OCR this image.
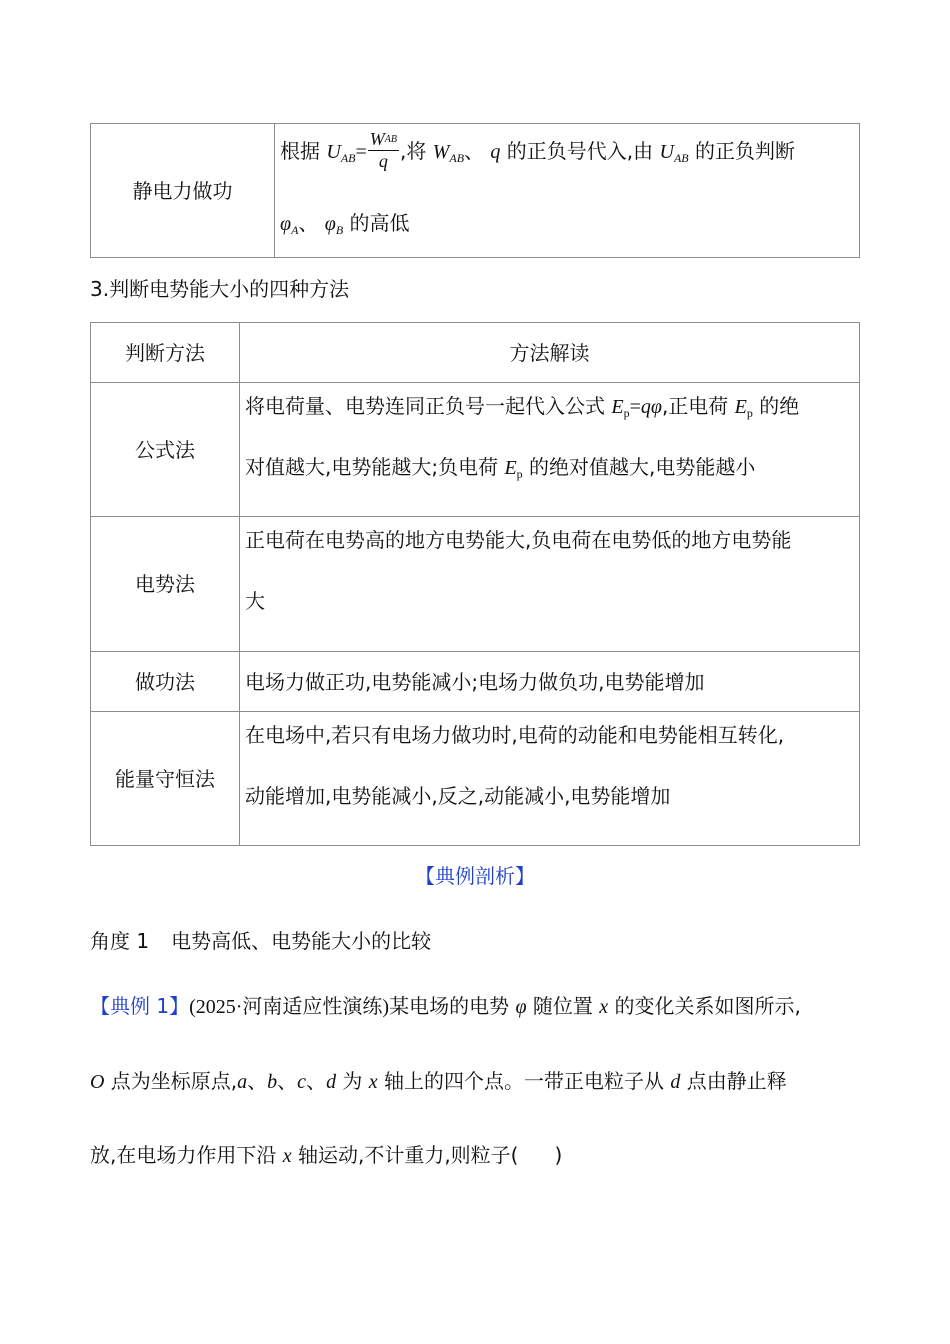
静电力做功	
根据 $U_{AB}= \frac{\text{WAB}}{q}$ ,将 $W_{AB}$、 q 的正负号代入,由 $U_{AB}$ 的正负判断
$\varphi_A$、 $\varphi_B$ 的高低
3.判断电势能大小的四种方法
判断方法	方法解读
公式法	将电荷量、电势连同正负号一起代入公式 $E_p=q\varphi$,正电荷 $E_p$ 的绝
对值越大,电势能越大;负电荷 $E_p$ 的绝对值越大,电势能越小

电势法	正电荷在电势高的地方电势能大,负电荷在电势低的地方电势能
大

做功法	电场力做正功,电势能减小;电场力做负功,电势能增加
能量守恒法	在电场中,若只有电场力做功时,电荷的动能和电势能相互转化,
动能增加,电势能减小,反之,动能减小,电势能增加
【典例剖析】
角度 1 电势高低、电势能大小的比较
【典例 1】(2025·河南适应性演练)某电场的电势 φ 随位置 x 的变化关系如图所示,
O 点为坐标原点,a、b、c、d 为 x 轴上的四个点。一带正电粒子从 d 点由静止释
放,在电场力作用下沿 x 轴运动,不计重力,则粒子( )
